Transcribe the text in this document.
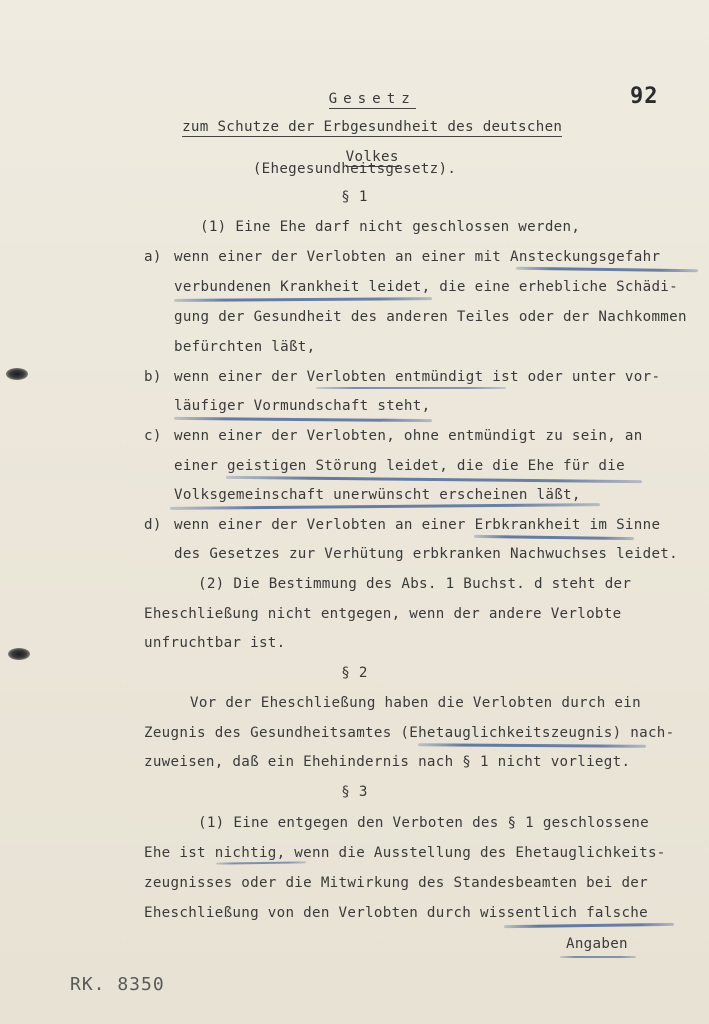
92

Gesetz

zum Schutze der Erbgesundheit des deutschen

Volkes

(Ehegesundheitsgesetz).
§ 1
(1) Eine Ehe darf nicht geschlossen werden,
a) wenn einer der Verlobten an einer mit Ansteckungsgefahr
verbundenen Krankheit leidet, die eine erhebliche Schädi-
gung der Gesundheit des anderen Teiles oder der Nachkommen
befürchten läßt,
b) wenn einer der Verlobten entmündigt ist oder unter vor-
läufiger Vormundschaft steht,
c) wenn einer der Verlobten, ohne entmündigt zu sein, an
einer geistigen Störung leidet, die die Ehe für die
Volksgemeinschaft unerwünscht erscheinen läßt,
d) wenn einer der Verlobten an einer Erbkrankheit im Sinne
des Gesetzes zur Verhütung erbkranken Nachwuchses leidet.
(2) Die Bestimmung des Abs. 1 Buchst. d steht der
Eheschließung nicht entgegen, wenn der andere Verlobte
unfruchtbar ist.
§ 2
Vor der Eheschließung haben die Verlobten durch ein
Zeugnis des Gesundheitsamtes (Ehetauglichkeitszeugnis) nach-
zuweisen, daß ein Ehehindernis nach § 1 nicht vorliegt.
§ 3
(1) Eine entgegen den Verboten des § 1 geschlossene
Ehe ist nichtig, wenn die Ausstellung des Ehetauglichkeits-
zeugnisses oder die Mitwirkung des Standesbeamten bei der
Eheschließung von den Verlobten durch wissentlich falsche
Angaben
RK. 8350
